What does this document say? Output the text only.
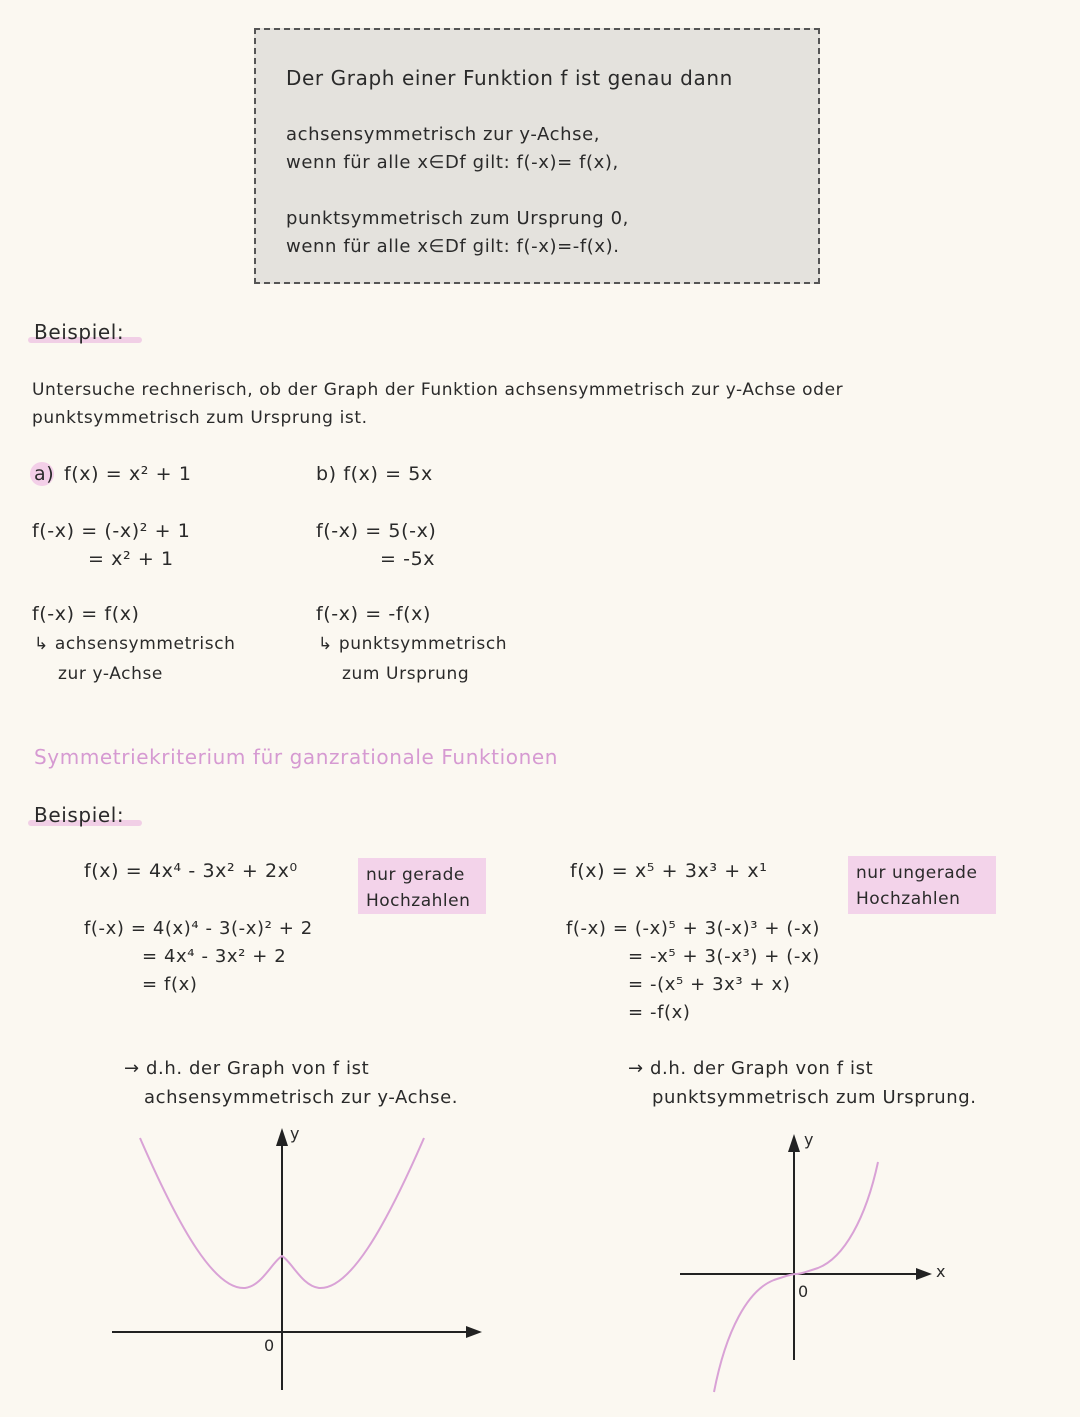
Der Graph einer Funktion f ist genau dann
achsensymmetrisch zur y-Achse,
wenn für alle x∈Df gilt: f(-x)= f(x),
punktsymmetrisch zum Ursprung 0,
wenn für alle x∈Df gilt: f(-x)=-f(x).
Beispiel:
Untersuche rechnerisch, ob der Graph der Funktion achsensymmetrisch zur y-Achse oder
punktsymmetrisch zum Ursprung ist.
a) f(x) = x² + 1
f(-x) = (-x)² + 1
= x² + 1
f(-x) = f(x)
↳ achsensymmetrisch
zur y-Achse
b) f(x) = 5x
f(-x) = 5(-x)
= -5x
f(-x) = -f(x)
↳ punktsymmetrisch
zum Ursprung
Symmetriekriterium für ganzrationale Funktionen
Beispiel:
f(x) = 4x⁴ - 3x² + 2x⁰	nur gerade
Hochzahlen
f(-x) = 4(x)⁴ - 3(-x)² + 2
= 4x⁴ - 3x² + 2
= f(x)
→ d.h. der Graph von f ist
achsensymmetrisch zur y-Achse.
y
0
f(x) = x⁵ + 3x³ + x¹	nur ungerade
Hochzahlen
f(-x) = (-x)⁵ + 3(-x)³ + (-x)
= -x⁵ + 3(-x³) + (-x)
= -(x⁵ + 3x³ + x)
= -f(x)
→ d.h. der Graph von f ist
punktsymmetrisch zum Ursprung.
y
x
0
